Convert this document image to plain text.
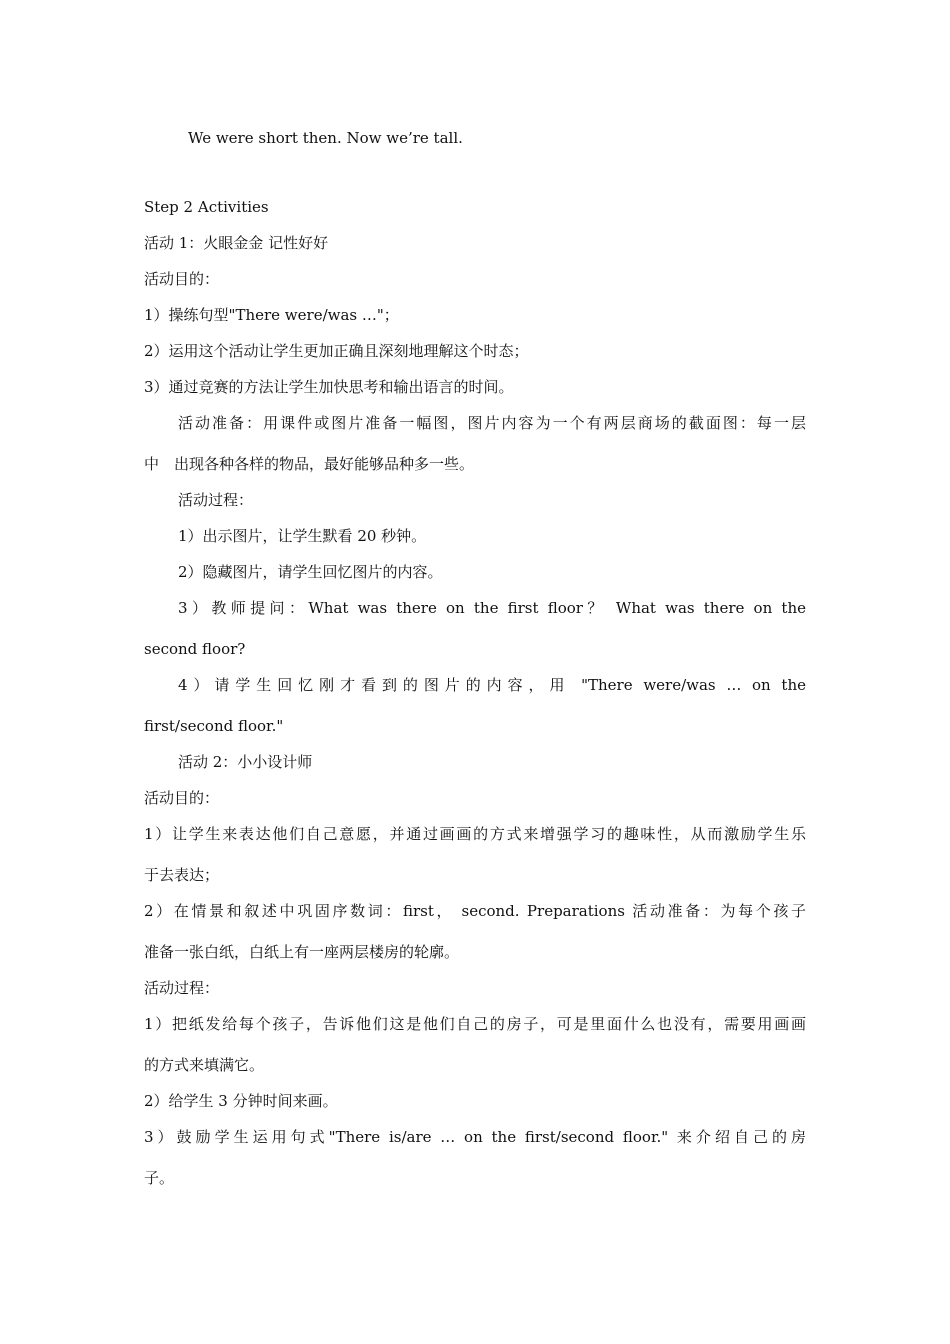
We were short then. Now we’re tall.

Step 2 Activities

活动 1：火眼金金 记性好好

活动目的：

1）操练句型"There were/was …"；

2）运用这个活动让学生更加正确且深刻地理解这个时态；

3）通过竞赛的方法让学生加快思考和输出语言的时间。

活动准备：用课件或图片准备一幅图，图片内容为一个有两层商场的截面图：每一层

中　出现各种各样的物品，最好能够品种多一些。

活动过程：

1）出示图片，让学生默看 20 秒钟。

2）隐藏图片，请学生回忆图片的内容。

3）教师提问：What was there on the first floor？ What was there on the

second floor?

4）请学生回忆刚才看到的图片的内容，用 "There were/was … on the

first/second floor."

活动 2：小小设计师

活动目的：

1）让学生来表达他们自己意愿，并通过画画的方式来增强学习的趣味性，从而激励学生乐

于去表达；

2）在情景和叙述中巩固序数词：first， second. Preparations 活动准备：为每个孩子

准备一张白纸，白纸上有一座两层楼房的轮廓。

活动过程：

1）把纸发给每个孩子，告诉他们这是他们自己的房子，可是里面什么也没有，需要用画画

的方式来填满它。

2）给学生 3 分钟时间来画。

3）鼓励学生运用句式"There is/are … on the first/second floor." 来介绍自己的房

子。
